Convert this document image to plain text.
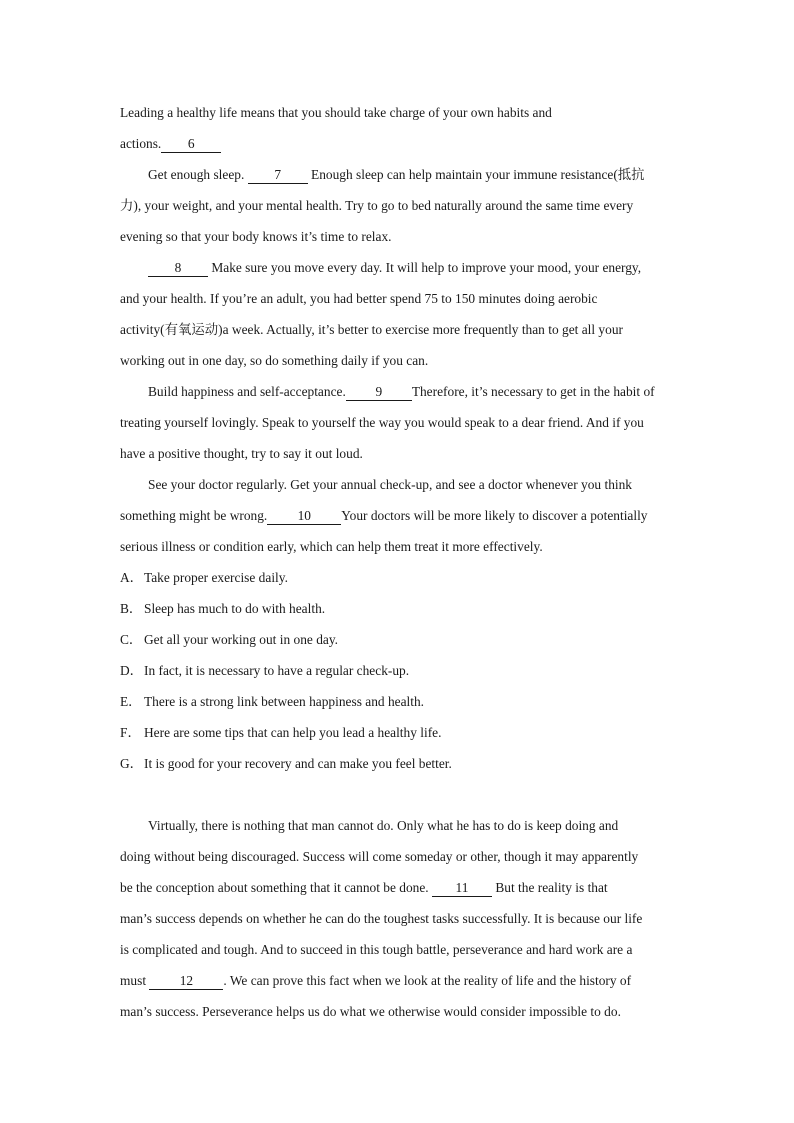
Leading a healthy life means that you should take charge of your own habits and
actions. 6
Get enough sleep. 7 Enough sleep can help maintain your immune resistance(抵抗
力), your weight, and your mental health. Try to go to bed naturally around the same time every
evening so that your body knows it’s time to relax.
8 Make sure you move every day. It will help to improve your mood, your energy,
and your health. If you’re an adult, you had better spend 75 to 150 minutes doing aerobic
activity(有氧运动)a week. Actually, it’s better to exercise more frequently than to get all your
working out in one day, so do something daily if you can.
Build happiness and self-acceptance. 9 Therefore, it’s necessary to get in the habit of
treating yourself lovingly. Speak to yourself the way you would speak to a dear friend. And if you
have a positive thought, try to say it out loud.
See your doctor regularly. Get your annual check-up, and see a doctor whenever you think
something might be wrong. 10 Your doctors will be more likely to discover a potentially
serious illness or condition early, which can help them treat it more effectively.
A．Take proper exercise daily.
B． Sleep has much to do with health.
C． Get all your working out in one day.
D．In fact, it is necessary to have a regular check-up.
E． There is a strong link between happiness and health.
F． Here are some tips that can help you lead a healthy life.
G．It is good for your recovery and can make you feel better.
Virtually, there is nothing that man cannot do. Only what he has to do is keep doing and
doing without being discouraged. Success will come someday or other, though it may apparently
be the conception about something that it cannot be done. 11 But the reality is that
man’s success depends on whether he can do the toughest tasks successfully. It is because our life
is complicated and tough. And to succeed in this tough battle, perseverance and hard work are a
must 12 . We can prove this fact when we look at the reality of life and the history of
man’s success. Perseverance helps us do what we otherwise would consider impossible to do.
